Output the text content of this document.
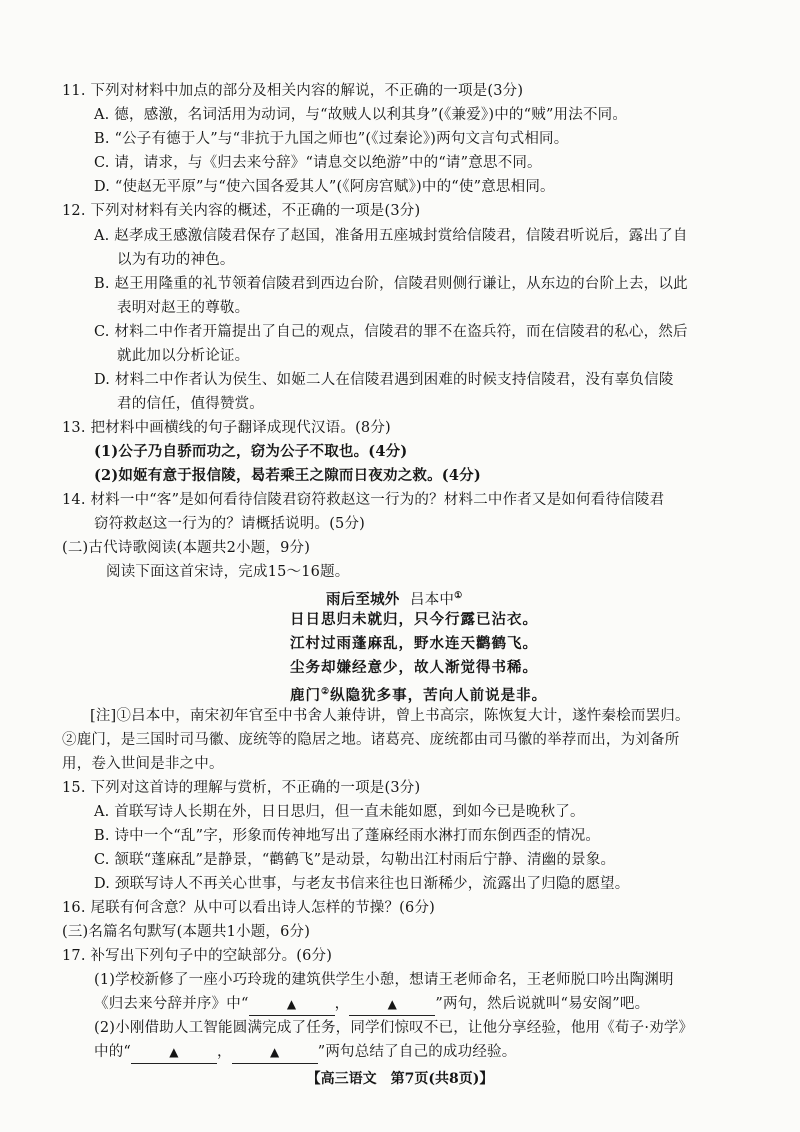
11. 下列对材料中加点的部分及相关内容的解说，不正确的一项是(3分)
A. 德，感激，名词活用为动词，与“故贼人以利其身”(《兼爱》)中的“贼”用法不同。
B. “公子有德于人”与“非抗于九国之师也”(《过秦论》)两句文言句式相同。
C. 请，请求，与《归去来兮辞》“请息交以绝游”中的“请”意思不同。
D. “使赵无平原”与“使六国各爱其人”(《阿房宫赋》)中的“使”意思相同。
12. 下列对材料有关内容的概述，不正确的一项是(3分)
A. 赵孝成王感激信陵君保存了赵国，准备用五座城封赏给信陵君，信陵君听说后，露出了自
以为有功的神色。
B. 赵王用隆重的礼节领着信陵君到西边台阶，信陵君则侧行谦让，从东边的台阶上去，以此
表明对赵王的尊敬。
C. 材料二中作者开篇提出了自己的观点，信陵君的罪不在盗兵符，而在信陵君的私心，然后
就此加以分析论证。
D. 材料二中作者认为侯生、如姬二人在信陵君遇到困难的时候支持信陵君，没有辜负信陵
君的信任，值得赞赏。
13. 把材料中画横线的句子翻译成现代汉语。(8分)
(1)公子乃自骄而功之，窃为公子不取也。(4分)
(2)如姬有意于报信陵，曷若乘王之隙而日夜劝之救。(4分)
14. 材料一中“客”是如何看待信陵君窃符救赵这一行为的？材料二中作者又是如何看待信陵君
窃符救赵这一行为的？请概括说明。(5分)
(二)古代诗歌阅读(本题共2小题，9分)
阅读下面这首宋诗，完成15～16题。
雨后至城外 吕本中①
日日思归未就归，只今行露已沾衣。
江村过雨蓬麻乱，野水连天鹳鹤飞。
尘务却嫌经意少，故人渐觉得书稀。
鹿门②纵隐犹多事，苦向人前说是非。
[注]①吕本中，南宋初年官至中书舍人兼侍讲，曾上书高宗，陈恢复大计，遂忤秦桧而罢归。
②鹿门，是三国时司马徽、庞统等的隐居之地。诸葛亮、庞统都由司马徽的举荐而出，为刘备所
用，卷入世间是非之中。
15. 下列对这首诗的理解与赏析，不正确的一项是(3分)
A. 首联写诗人长期在外，日日思归，但一直未能如愿，到如今已是晚秋了。
B. 诗中一个“乱”字，形象而传神地写出了蓬麻经雨水淋打而东倒西歪的情况。
C. 颔联“蓬麻乱”是静景，“鹳鹤飞”是动景，勾勒出江村雨后宁静、清幽的景象。
D. 颈联写诗人不再关心世事，与老友书信来往也日渐稀少，流露出了归隐的愿望。
16. 尾联有何含意？从中可以看出诗人怎样的节操？(6分)
(三)名篇名句默写(本题共1小题，6分)
17. 补写出下列句子中的空缺部分。(6分)
(1)学校新修了一座小巧玲珑的建筑供学生小憩，想请王老师命名，王老师脱口吟出陶渊明
《归去来兮辞并序》中“	▲	，	▲	”两句，然后说就叫“易安阁”吧。
(2)小刚借助人工智能圆满完成了任务，同学们惊叹不已，让他分享经验，他用《荀子·劝学》
中的“	▲	，	▲	”两句总结了自己的成功经验。
【高三语文　第7页(共8页)】
